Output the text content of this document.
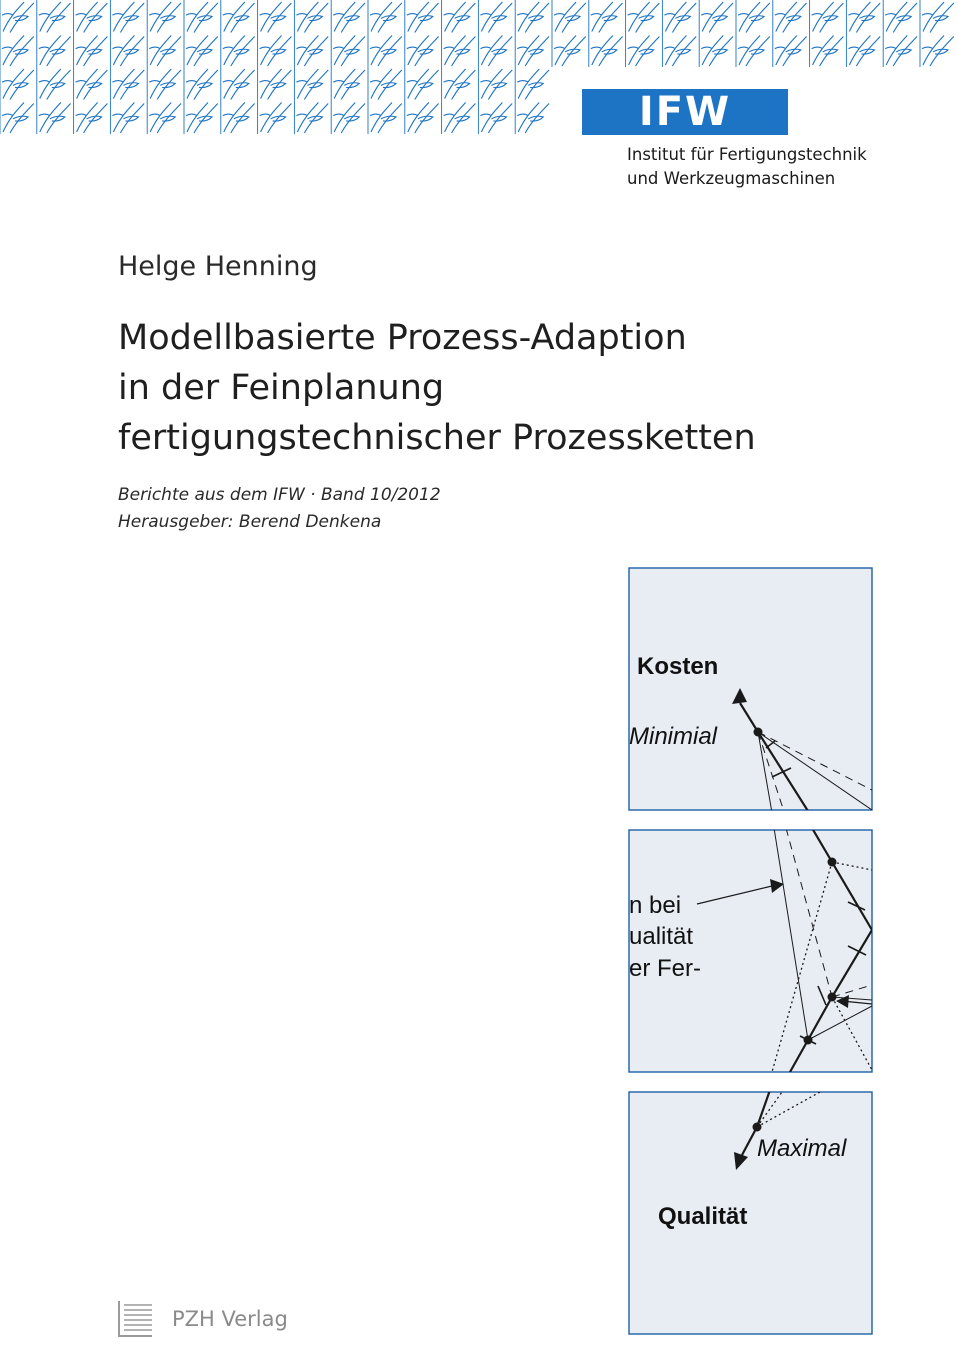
IFW
Institut für Fertigungstechnik
und Werkzeugmaschinen
Helge Henning
Modellbasierte Prozess-Adaption
in der Feinplanung
fertigungstechnischer Prozessketten
Berichte aus dem IFW · Band 10/2012
Herausgeber: Berend Denkena
Kosten
Minimial
n bei
ualität
er Fer-
Maximal
Qualität
PZH Verlag
